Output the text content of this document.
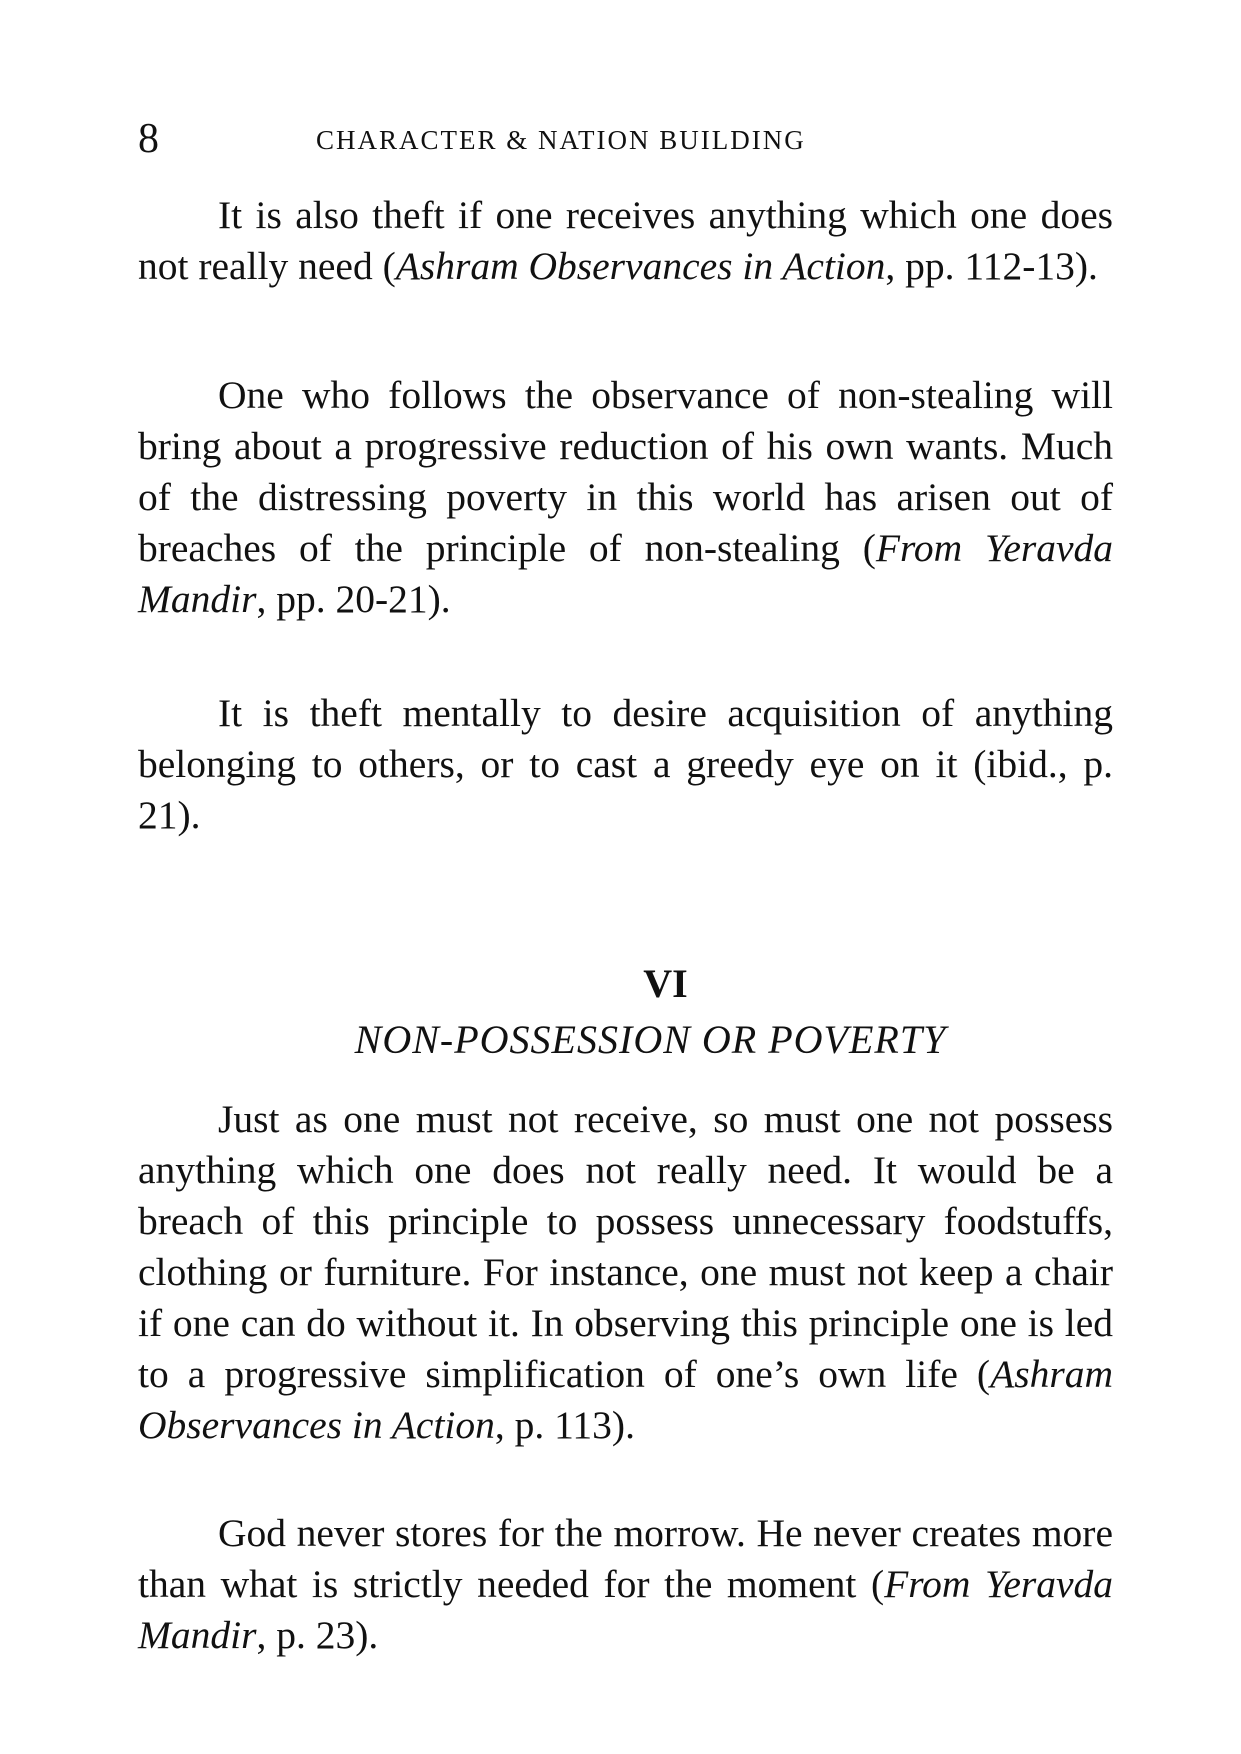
8	CHARACTER & NATION BUILDING

It is also theft if one receives anything which one does not really need (Ashram Observances in Action, pp. 112-13).

One who follows the observance of non-stealing will bring about a progressive reduction of his own wants. Much of the distressing poverty in this world has arisen out of breaches of the principle of non-stealing (From Yeravda Mandir, pp. 20-21).

It is theft mentally to desire acquisition of anything belonging to others, or to cast a greedy eye on it (ibid., p. 21).

VI
NON-POSSESSION OR POVERTY

Just as one must not receive, so must one not possess anything which one does not really need. It would be a breach of this principle to possess unnecessary foodstuffs, clothing or furniture. For instance, one must not keep a chair if one can do without it. In observing this principle one is led to a progressive simplification of one’s own life (Ashram Observances in Action, p. 113).

God never stores for the morrow. He never creates more than what is strictly needed for the moment (From Yeravda Mandir, p. 23).
